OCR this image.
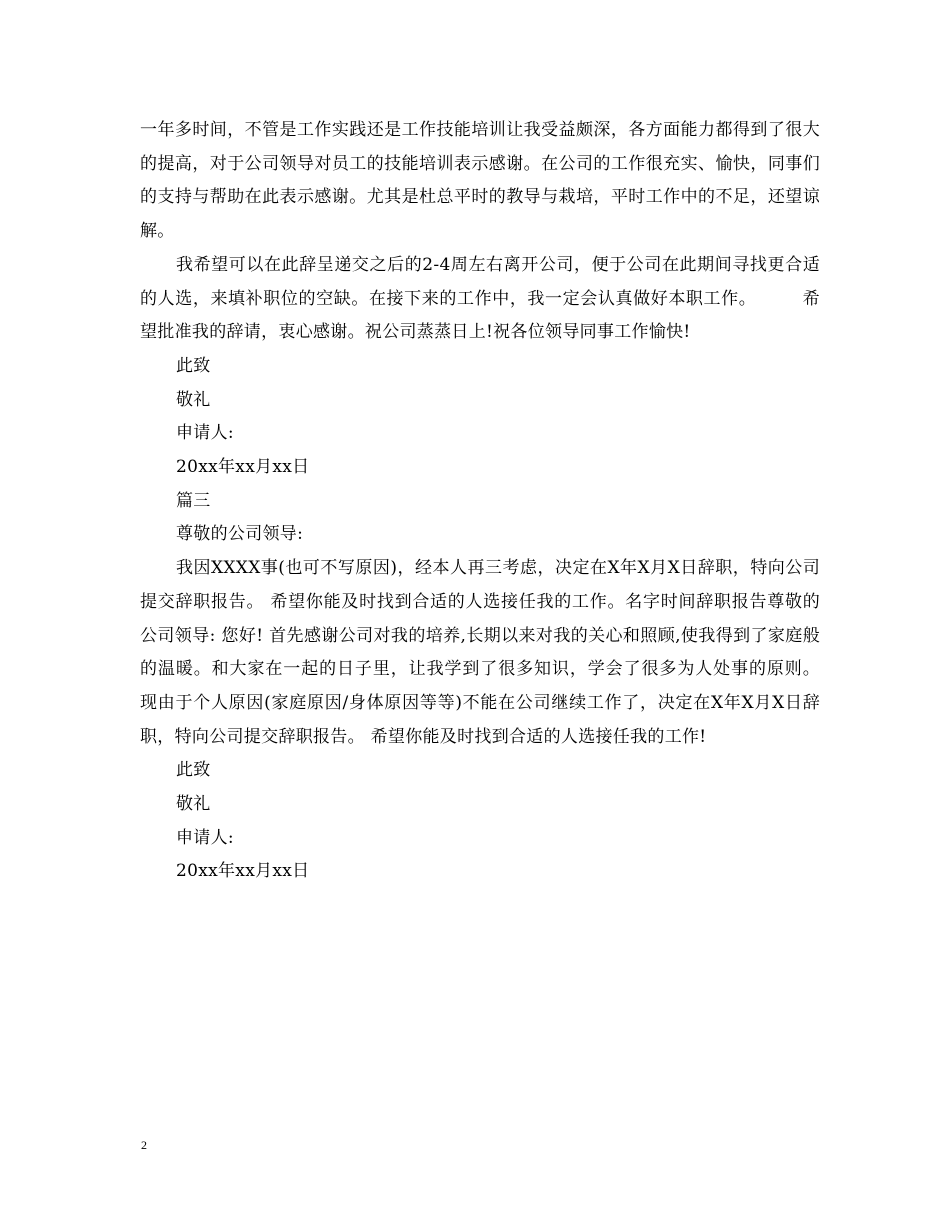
一年多时间，不管是工作实践还是工作技能培训让我受益颇深，各方面能力都得到了很大的提高，对于公司领导对员工的技能培训表示感谢。在公司的工作很充实、愉快，同事们的支持与帮助在此表示感谢。尤其是杜总平时的教导与栽培，平时工作中的不足，还望谅解。

我希望可以在此辞呈递交之后的2-4周左右离开公司，便于公司在此期间寻找更合适的人选，来填补职位的空缺。在接下来的工作中，我一定会认真做好本职工作。	希望批准我的辞请，衷心感谢。祝公司蒸蒸日上!祝各位领导同事工作愉快!

此致

敬礼

申请人:

20xx年xx月xx日

篇三

尊敬的公司领导:

我因XXXX事(也可不写原因)，经本人再三考虑，决定在X年X月X日辞职，特向公司提交辞职报告。 希望你能及时找到合适的人选接任我的工作。名字时间辞职报告尊敬的公司领导: 您好! 首先感谢公司对我的培养,长期以来对我的关心和照顾,使我得到了家庭般的温暖。和大家在一起的日子里，让我学到了很多知识，学会了很多为人处事的原则。 现由于个人原因(家庭原因/身体原因等等)不能在公司继续工作了，决定在X年X月X日辞职，特向公司提交辞职报告。 希望你能及时找到合适的人选接任我的工作!

此致

敬礼

申请人:

20xx年xx月xx日

2
